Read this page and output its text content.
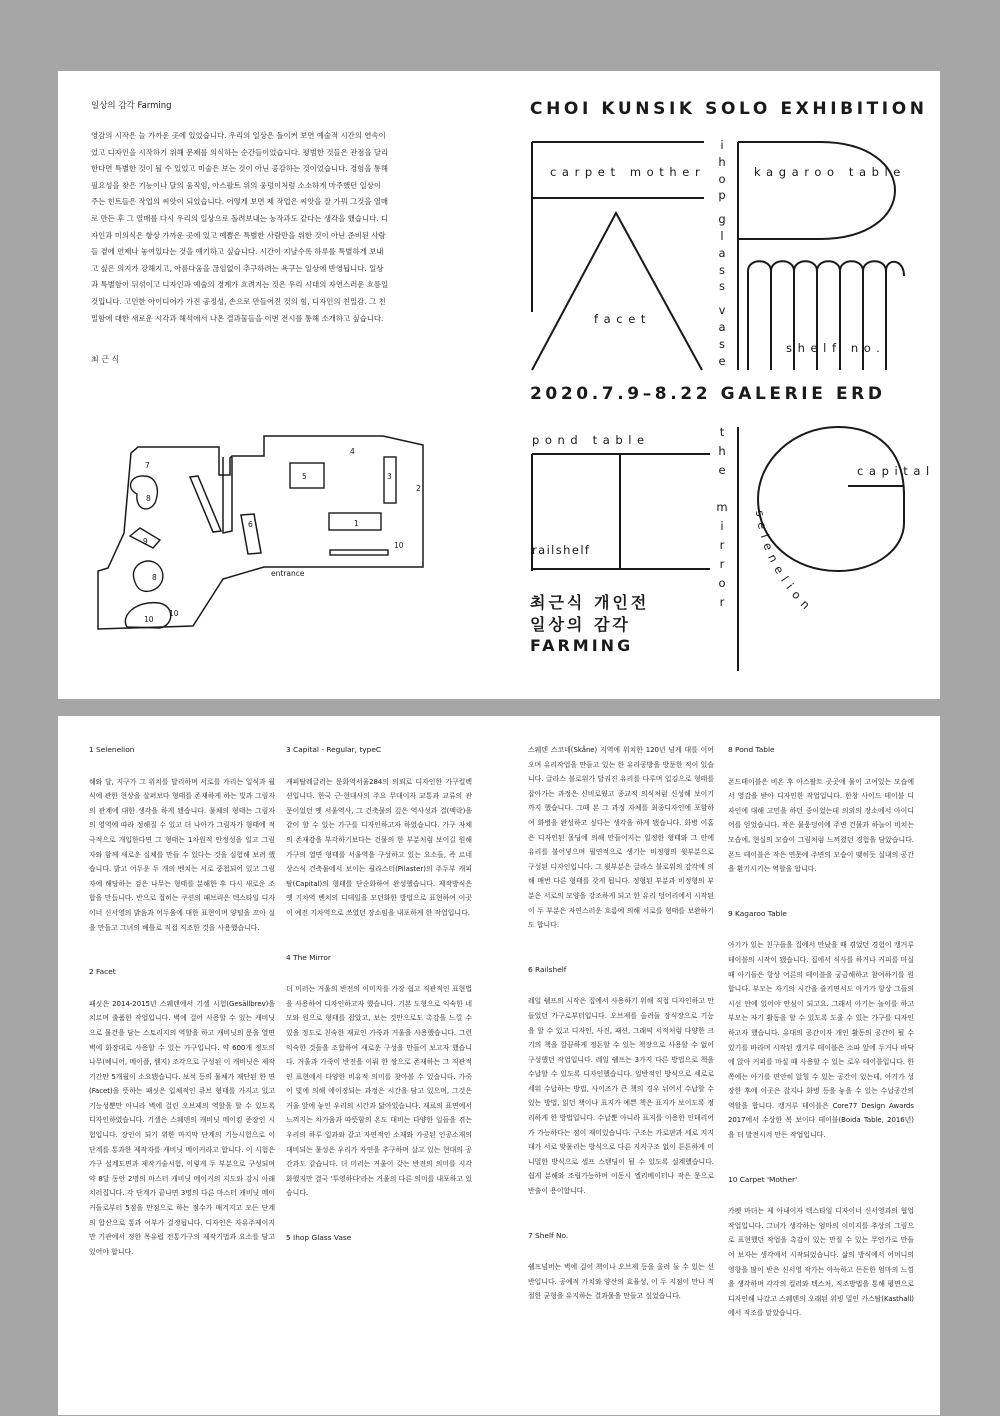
일상의 감각 Farming

영감의 시작은 늘 가까운 곳에 있었습니다. 우리의 일상은 돌이켜 보면 예술적 시간의 연속이었고 디자인을 시작하기 위해 문제를 의식하는 순간들이었습니다. 평범한 것들은 관점을 달리한다면 특별한 것이 될 수 있었고 미술은 보는 것이 아닌 공감하는 것이었습니다. 경험을 통해 필요성을 찾은 기능이나 달의 움직임, 아스팔트 위의 웅덩이처럼 소소하게 마주했던 일상이 주는 힌트들은 작업의 씨앗이 되었습니다. 어떻게 보면 제 작업은 씨앗을 잘 가꿔 그것을 열매로 만든 후 그 열매를 다시 우리의 일상으로 돌려보내는 농작과도 같다는 생각을 했습니다. 디자인과 미의식은 항상 가까운 곳에 있고 예쁨은 특별한 사람만을 위한 것이 아닌 준비된 사람들 곁에 언제나 놓여있다는 것을 얘기하고 싶습니다. 시간이 지날수록 하루를 특별하게 보내고 싶은 의지가 강해지고, 아름다움을 끊임없이 추구하려는 욕구는 일상에 반영됩니다. 일상과 특별함이 뒤섞이고 디자인과 예술의 경계가 흐려지는 것은 우리 시대의 자연스러운 흐름일 것입니다. 고민한 아이디어가 가진 공정성, 손으로 만들어진 것의 힘, 디자인의 친밀감. 그 친밀함에 대한 새로운 시각과 해석에서 나온 결과물들을 이번 전시를 통해 소개하고 싶습니다.

최 근 식
7
8
9
8
10
10
6
4
5	3
2
1
10
entrance
CHOI KUNSIK SOLO EXHIBITION
2020.7.9–8.22 GALERIE ERD
carpet mother	kagaroo table
facet
shelf no.
pond table
capital
railshelf
i
h
o
p
g
l
a
s
s
v
a
s
e
t
h
e
m
i
r
r
o
r
selenelion
최근식 개인전
일상의 감각
FARMING
1 Selenelion

해와 달, 지구가 그 위치를 달리하며 서로를 가리는 일식과 월식에 관한 현상을 살펴보다 형태를 존재하게 하는 빛과 그림자의 관계에 대한 생각을 하게 됐습니다. 물체의 형태는 그림자의 영역에 따라 정해질 수 있고 더 나아가 그림자가 형태에 적극적으로 개입한다면 그 형태는 1차원적 안정성을 일고 그림자와 함께 새로운 실체를 만들 수 있다는 것을 실험해 보려 했습니다. 밝고 어두운 두 개의 벤치는 서로 중첩되어 있고 그림자에 해당하는 검은 나무는 형태를 분해한 후 다시 새로운 조합을 만듭니다. 반으로 접히는 쿠션의 패브릭은 텍스타일 디자이너 신서영의 밝음과 어두움에 대한 표현이며 양털을 꼬아 실을 만들고 그녀의 베틀로 직접 직조한 것을 사용했습니다.

2 Facet

패싯은 2014-2015년 스웨덴에서 기셀 시험(Gesällbrev)을 치르며 출품한 작업입니다. 벽에 걸어 사용할 수 있는 캐비닛으로 물건을 담는 스토리지의 역할을 하고 캐비닛의 문을 열면 벽에 화장대로 사용할 수 있는 가구입니다. 약 600개 정도의 나무(베니어, 메이플, 웬지) 조각으로 구성된 이 캐비닛은 제작기간만 5개월이 소요됐습니다. 보석 등의 물체가 재단된 한 면(Facet)을 뜻하는 패싯은 입체적인 큐브 형태를 가지고 있고 기능성뿐만 아니라 벽에 걸린 오브제의 역할을 할 수 있도록 디자인하였습니다. 기셀은 스웨덴의 캐비닛 메이킹 준장인 시험입니다. 장인이 되기 위한 마지막 단계의 기능시험으로 이 단계를 통과한 제작자를 캐비닛 메이커라고 합니다. 이 시험은 가구 설계도면과 제작기술시험, 이렇게 두 부분으로 구성되며 약 8달 동안 2명의 마스터 캐비닛 메이커의 지도와 감시 아래 치러집니다. 각 단계가 끝나면 3명의 다른 마스터 캐비닛 메이커들로부터 5점을 만점으로 하는 점수가 매겨지고 모든 단계의 합산으로 통과 여부가 결정됩니다. 디자인은 자유주제이지만 기관에서 정한 목유럽 전통가구의 제작기법과 요소를 담고 있어야 합니다.

3 Capital - Regular, typeC

캐피탈레글러는 문화역서울284의 의뢰로 디자인한 가구컬렉션입니다. 한국 근·현대사의 주요 무대이자 교통과 교류의 관문이었던 옛 서울역사, 그 건축물의 깊은 역사성과 결(맥락)을 같이 할 수 있는 가구를 디자인하고자 하였습니다. 가구 자체의 존재감을 부각하기보다는 건물의 한 부분처럼 보이길 원해 가구의 열면 형태를 서울역을 구성하고 있는 요소들, 즉 르네상스식 건축물에서 보이는 필라스터(Pilaster)의 주두부 캐피탈(Capital)의 형태를 단순화하여 완성했습니다. 제작방식은 옛 기차역 벤치의 디테일을 모던화한 방법으로 표현하여 이곳이 예전 기차역으로 쓰였던 장소임을 내포하게 한 작업입니다.

4 The Mirror

더 미러는 거울의 반전의 이미지를 가장 쉽고 직관적인 표현법을 사용하여 디자인하고자 했습니다. 기본 도형으로 익숙한 네모와 원으로 형태를 잡았고, 보는 것만으로도 촉감을 느낄 수 있을 정도로 친숙한 재료인 가죽과 거울을 사용했습니다. 그런 익숙한 것들을 조합하여 새로운 구성을 만들어 보고자 했습니다. 거울과 가죽이 반전을 이뤄 한 쌍으로 존재하는 그 직관적인 표현에서 다양한 비유적 의미를 찾아볼 수 있습니다. 가죽이 빛에 의해 에이징되는 과정은 시간을 담고 있으며, 그것은 거울 앞에 놓인 우리의 시간과 닮아있습니다. 재료의 표면에서 느껴지는 차가움과 따뜻함의 온도 대비는 다양한 일들을 겪는 우리의 하루 일과와 같고 자연적인 소재와 가공된 인공소재의 대비되는 물성은 우리가 자연을 추구하며 살고 있는 현대의 공간과도 같습니다. 더 미러는 거울이 갖는 반전의 의미를 시각화했지만 결국 '투영하다'라는 거울의 다른 의미를 내포하고 있습니다.

5 Ihop Glass Vase

스웨덴 스코네(Skåne) 지역에 위치한 120년 넘게 대를 이어오며 유리작업을 만들고 있는 한 유리공방을 방문한 적이 있습니다. 글라스 블로워가 달궈진 유리를 다루며 입김으로 형태를 잡아가는 과정은 신비로웠고 종교적 의식처럼 신성해 보이기까지 했습니다. 그때 본 그 과정 자체를 최종디자인에 포함하여 화병을 완성하고 싶다는 생각을 하게 됐습니다. 화병 이홉은 디자인된 몰딩에 의해 만들어지는 일정한 형태와 그 안에 유리를 불어넣으며 필연적으로 생기는 비정형의 윗부분으로 구성된 디자인입니다. 그 윗부분은 글라스 블로워의 감각에 의해 매번 다른 형태를 갖게 됩니다. 정형된 부분과 비정형의 부분은 서로의 모양을 강조하게 되고 한 유리 덩어리에서 시작된 이 두 부분은 자연스러운 흐름에 의해 서로를 형태를 보완하기도 합니다.

6 Railshelf

레일 쉘프의 시작은 집에서 사용하기 위해 직접 디자인하고 만들었던 가구로부터입니다. 오브제를 올려둘 장식장으로 기능을 할 수 있고 디자인, 사진, 패션, 그래픽 서적처럼 다양한 크기의 책을 깔끔하게 정돈할 수 있는 책장으로 사용할 수 없어 구성했던 작업입니다. 레일 쉘프는 3가지 다른 방법으로 책을 수납할 수 있도록 디자인했습니다. 일반적인 방식으로 세로로 세워 수납하는 방법, 사이즈가 큰 책의 경우 뉘어서 수납할 수 있는 방법, 읽던 책이나 표지가 예쁜 책은 표지가 보이도록 정리하게 한 방법입니다. 수납뿐 아니라 표지를 이용한 인테리어가 가능하다는 점이 재미있습니다. 구조는 가로판과 세로 지지대가 서로 맞물리는 방식으로 다른 지지구조 없이 튼튼하게 미니멀한 방식으로 셀프 스탠딩이 될 수 있도록 설계했습니다. 쉽게 분해와 조립가능하며 이동시 엘리베이터나 작은 문으로 반출이 용이합니다.

7 Shelf No.

쉘프넘버는 벽에 걸어 책이나 오브제 등을 올려 둘 수 있는 선반입니다. 공예적 가치와 양산의 효율성, 이 두 지점이 만나 적절한 균형을 유지하는 결과물을 만들고 싶었습니다.

8 Pond Table

폰드테이블은 비온 후 아스팔트 곳곳에 물이 고여있는 모습에서 영감을 받아 디자인한 작업입니다. 한창 사이드 테이블 디자인에 대해 고민을 하던 중이었는데 의외의 장소에서 아이디어를 얻었습니다. 작은 물웅덩이에 주변 건물과 하늘이 비치는 모습에, 현실의 모습이 그림처럼 느껴졌던 경험을 담았습니다. 폰드 테이블은 작은 연못에 주변의 모습이 맺히듯 실내의 공간을 환기시키는 역할을 합니다.

9 Kagaroo Table

아기가 있는 친구들을 집에서 만났을 때 겪었던 경험이 캥거루 테이블의 시작이 됐습니다. 집에서 식사를 하거나 커피를 마실 때 아기들은 항상 어른의 테이블을 궁금해하고 참여하기를 원합니다. 부모는 자기의 시간을 즐기면서도 아기가 항상 그들의 시선 안에 있어야 안심이 되고요. 그래서 아기는 놀이를 하고 부모는 자기 활동을 할 수 있도록 도울 수 있는 가구를 디자인하고자 했습니다. 유대의 공간이자 개인 활동의 공간이 될 수 있기를 바라며 시작된 캥거루 테이블은 소파 앞에 두거나 바닥에 앉아 커피를 마실 때 사용할 수 있는 로우 테이블입니다. 한쪽에는 아기를 편안히 앉힐 수 있는 공간이 있는데, 아기가 성장한 후에 이곳은 잡지나 화병 등을 놓을 수 있는 수납공간의 역할을 합니다. 캥거루 테이블은 Core77 Design Awards 2017에서 수상한 복 보이다 테이블(Boida Table, 2016년)을 더 발전시켜 만든 작업입니다.

10 Carpet 'Mother'

카펫 마더는 제 아내이자 텍스타일 디자이너 신서영과의 협업 작업입니다. 그녀가 생각하는 엄마의 이미지를 추상의 그림으로 표현했던 작업을 촉감이 있는 만질 수 있는 무언가로 만들어 보자는 생각에서 시작되었습니다. 삶의 방식에서 어머니의 영향을 많이 받은 신서영 작가는 아늑하고 든든한 엄마의 느낌을 생각하며 각각의 컬러와 텍스처, 직조방법을 통해 평면으로 디자인해 나갔고 스웨덴의 오래된 위빙 밀인 카스탈(Kasthall)에서 직조를 맡았습니다.
